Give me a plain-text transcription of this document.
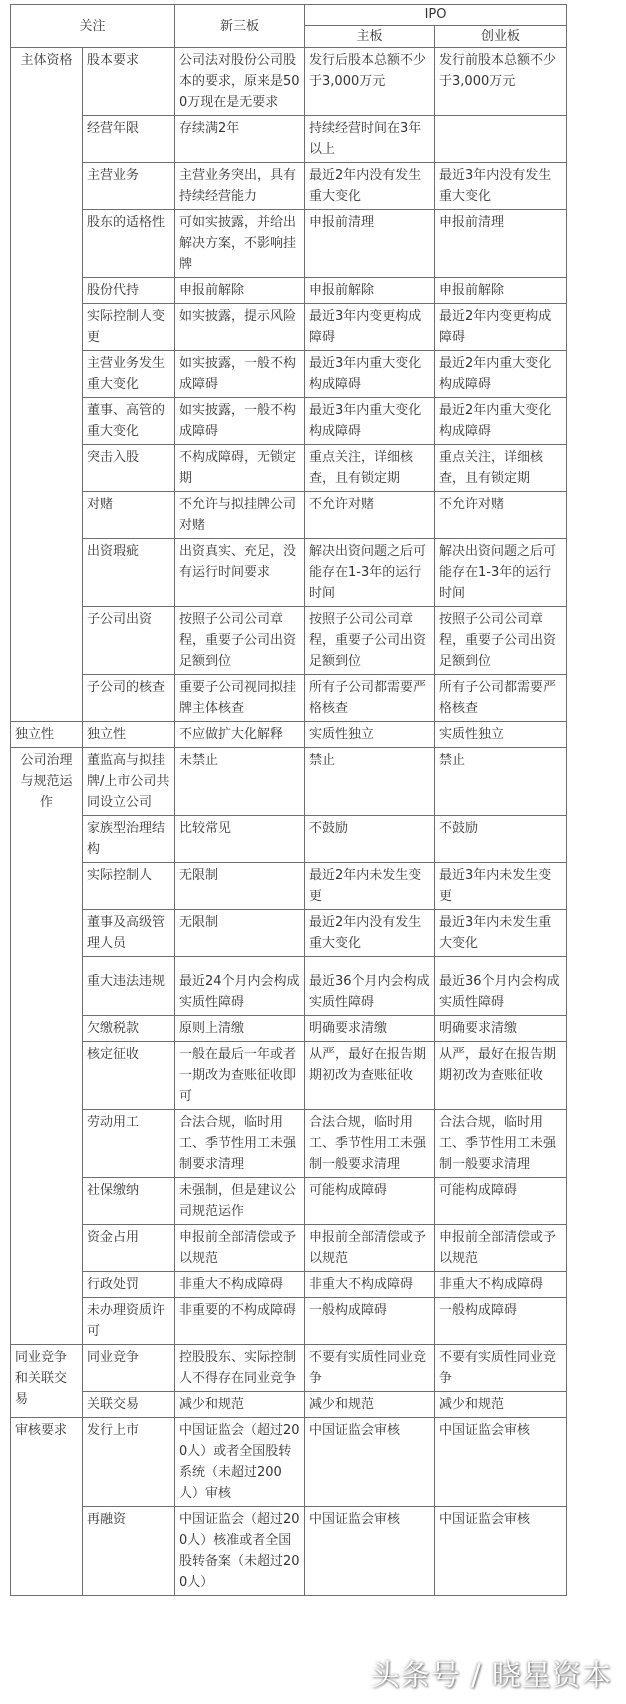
关注		新三板	IPO	
			主板	创业板
主体资格	股本要求	公司法对股份公司股本的要求，原来是500万现在是无要求	发行后股本总额不少于3,000万元	发行前股本总额不少于3,000万元
	经营年限	存续满2年	持续经营时间在3年以上	
	主营业务	主营业务突出，具有持续经营能力	最近2年内没有发生重大变化	最近3年内没有发生重大变化
	股东的适格性	可如实披露，并给出解决方案，不影响挂牌	申报前清理	申报前清理
	股份代持	申报前解除	申报前解除	申报前解除
	实际控制人变更	如实披露，提示风险	最近3年内变更构成障碍	最近2年内变更构成障碍
	主营业务发生重大变化	如实披露，一般不构成障碍	最近3年内重大变化构成障碍	最近2年内重大变化构成障碍
	董事、高管的重大变化	如实披露，一般不构成障碍	最近3年内重大变化构成障碍	最近2年内重大变化构成障碍
	突击入股	不构成障碍，无锁定期	重点关注，详细核查，且有锁定期	重点关注，详细核查，且有锁定期
	对赌	不允许与拟挂牌公司对赌	不允许对赌	不允许对赌
	出资瑕疵	出资真实、充足，没有运行时间要求	解决出资问题之后可能存在1-3年的运行时间	解决出资问题之后可能存在1-3年的运行时间
	子公司出资	按照子公司公司章程，重要子公司出资足额到位	按照子公司公司章程，重要子公司出资足额到位	按照子公司公司章程，重要子公司出资足额到位
	子公司的核查	重要子公司视同拟挂牌主体核查	所有子公司都需要严格核查	所有子公司都需要严格核查
独立性	独立性	不应做扩大化解释	实质性独立	实质性独立
公司治理与规范运作	董监高与拟挂牌/上市公司共同设立公司	未禁止	禁止	禁止
	家族型治理结构	比较常见	不鼓励	不鼓励
	实际控制人	无限制	最近2年内未发生变更	最近3年内未发生变更
	董事及高级管理人员	无限制	最近2年内没有发生重大变化	最近3年内未发生重大变化
	重大违法违规	最近24个月内会构成实质性障碍	最近36个月内会构成实质性障碍	最近36个月内会构成实质性障碍
	欠缴税款	原则上清缴	明确要求清缴	明确要求清缴
	核定征收	一般在最后一年或者一期改为查账征收即可	从严，最好在报告期期初改为查账征收	从严，最好在报告期期初改为查账征收
	劳动用工	合法合规，临时用工、季节性用工未强制要求清理	合法合规，临时用工、季节性用工未强制一般要求清理	合法合规，临时用工、季节性用工未强制一般要求清理
	社保缴纳	未强制，但是建议公司规范运作	可能构成障碍	可能构成障碍
	资金占用	申报前全部清偿或予以规范	申报前全部清偿或予以规范	申报前全部清偿或予以规范
	行政处罚	非重大不构成障碍	非重大不构成障碍	非重大不构成障碍
	未办理资质许可	非重要的不构成障碍	一般构成障碍	一般构成障碍
同业竞争和关联交易	同业竞争	控股股东、实际控制人不得存在同业竞争	不要有实质性同业竞争	不要有实质性同业竞争
	关联交易	减少和规范	减少和规范	减少和规范
审核要求	发行上市	中国证监会（超过200人）或者全国股转系统（未超过200人）审核	中国证监会审核	中国证监会审核
	再融资	中国证监会（超过200人）核准或者全国股转备案（未超过200人）	中国证监会审核	中国证监会审核
头条号 / 晓星资本
